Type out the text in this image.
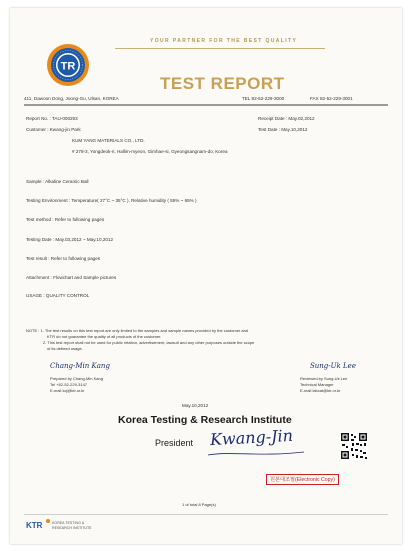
YOUR PARTNER FOR THE BEST QUALITY
TR
TEST REPORT
411, Dawoon Dong, Joong-Gu, Ulsan, KOREA	TEL 82-52-229-3000	FAX 82-52-229-3001
Report No. : TAU-000293
Customer : Kwang-jin Park
KUM YANG MATERIALS CO., LTD.
# 278-3, Yongdeok-ri, Hallim-myeon, Gimhae-si, Gyeongsangnam-do, Korea
Receipt Date : May.02,2012
Test Date : May.10,2012
Sample : Alkaline Ceramic Ball
Testing Environment : Temperature( 27°C ~ 35°C ), Relative humidity ( 55% ~ 65% )
Test method : Refer to following pages
Testing Date : May.03,2012 ~ May.10,2012
Test result : Refer to following pages
Attachment : Flowchart and Sample pictures
USAGE : QUALITY CONTROL
NOTE : 1. The test results on this test report are only limited to the samples and sample names provided by the customer and
KTR do not guarantee the quality of all products of the customer.
2. This test report shall not be used for public relation, advertisement, lawsuit and any other purposes outside the scope
of its defined usage.
Chang-Min Kang
Prepared by Chang-Min Kang
Tel +82-52-229-3147
E-mail kcj@ktr.or.kr
Sung-Uk Lee
Reviewed by Sung-Uk Lee
Technical Manager
E-mail labcat@ktr.or.kr
May.10,2012
Korea Testing & Research Institute
President Kwang-Jin
원본대조필(Electronic Copy)
1 of total 8 Page(s)
KTR	KOREA TESTING &
RESEARCH INSTITUTE
